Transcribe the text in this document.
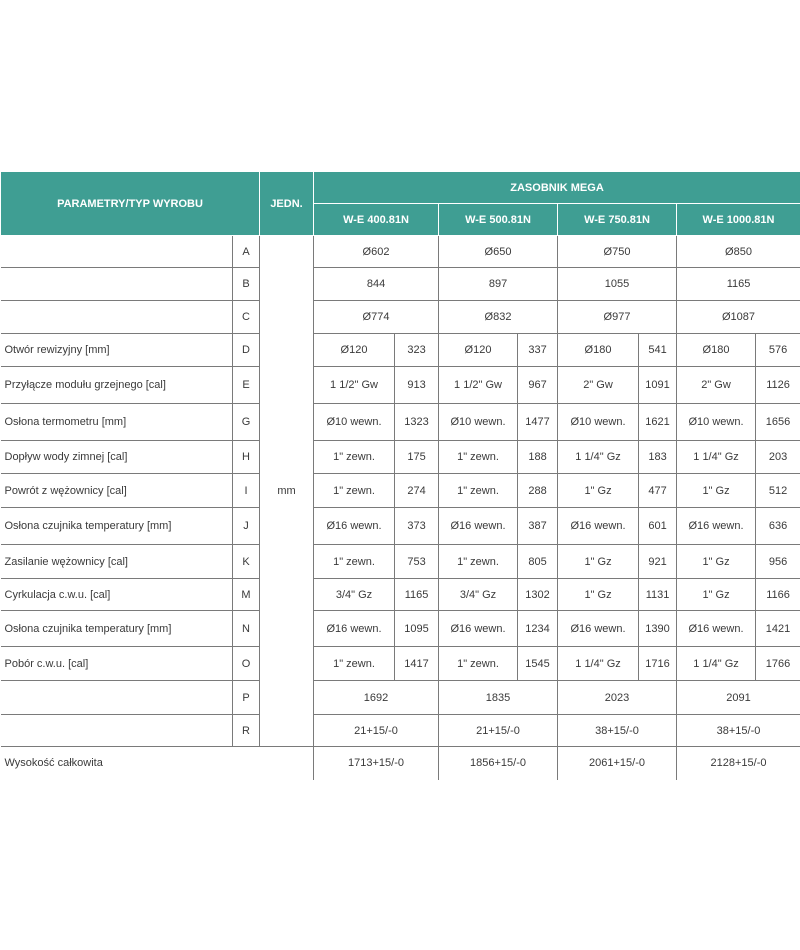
PARAMETRY/TYP WYROBU		JEDN.	ZASOBNIK MEGA							
			W-E 400.81N		W-E 500.81N		W-E 750.81N		W-E 1000.81N	
	A	mm	Ø602		Ø650		Ø750		Ø850	
	B		844		897		1055		1165	
	C		Ø774		Ø832		Ø977		Ø1087	
Otwór rewizyjny [mm]	D		Ø120	323	Ø120	337	Ø180	541	Ø180	576
Przyłącze modułu grzejnego [cal]	E		1 1/2" Gw	913	1 1/2" Gw	967	2" Gw	1091	2" Gw	1126
Osłona termometru [mm]	G		Ø10 wewn.	1323	Ø10 wewn.	1477	Ø10 wewn.	1621	Ø10 wewn.	1656
Dopływ wody zimnej [cal]	H		1" zewn.	175	1" zewn.	188	1 1/4" Gz	183	1 1/4" Gz	203
Powrót z wężownicy [cal]	I		1" zewn.	274	1" zewn.	288	1" Gz	477	1" Gz	512
Osłona czujnika temperatury [mm]	J		Ø16 wewn.	373	Ø16 wewn.	387	Ø16 wewn.	601	Ø16 wewn.	636
Zasilanie wężownicy [cal]	K		1" zewn.	753	1" zewn.	805	1" Gz	921	1" Gz	956
Cyrkulacja c.w.u. [cal]	M		3/4" Gz	1165	3/4" Gz	1302	1" Gz	1131	1" Gz	1166
Osłona czujnika temperatury [mm]	N		Ø16 wewn.	1095	Ø16 wewn.	1234	Ø16 wewn.	1390	Ø16 wewn.	1421
Pobór c.w.u. [cal]	O		1" zewn.	1417	1" zewn.	1545	1 1/4" Gz	1716	1 1/4" Gz	1766
	P		1692		1835		2023		2091	
	R		21+15/-0		21+15/-0		38+15/-0		38+15/-0	
Wysokość całkowita			1713+15/-0		1856+15/-0		2061+15/-0		2128+15/-0	
